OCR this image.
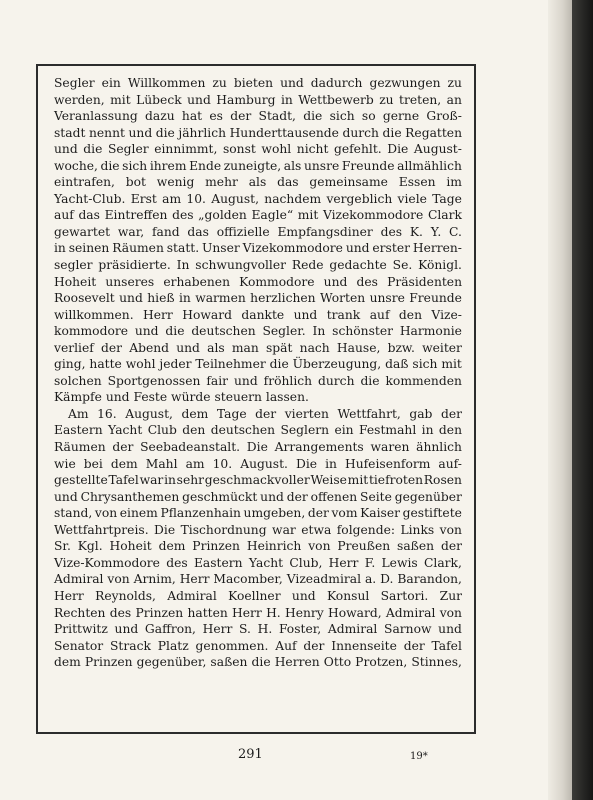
Segler ein Willkommen zu bieten und dadurch gezwungen zu
werden, mit Lübeck und Hamburg in Wettbewerb zu treten, an
Veranlassung dazu hat es der Stadt, die sich so gerne Groß-
stadt nennt und die jährlich Hunderttausende durch die Regatten
und die Segler einnimmt, sonst wohl nicht gefehlt. Die August-
woche, die sich ihrem Ende zuneigte, als unsre Freunde allmählich
eintrafen, bot wenig mehr als das gemeinsame Essen im
Yacht-Club. Erst am 10. August, nachdem vergeblich viele Tage
auf das Eintreffen des „golden Eagle“ mit Vizekommodore Clark
gewartet war, fand das offizielle Empfangsdiner des K. Y. C.
in seinen Räumen statt. Unser Vizekommodore und erster Herren-
segler präsidierte. In schwungvoller Rede gedachte Se. Königl.
Hoheit unseres erhabenen Kommodore und des Präsidenten
Roosevelt und hieß in warmen herzlichen Worten unsre Freunde
willkommen. Herr Howard dankte und trank auf den Vize-
kommodore und die deutschen Segler. In schönster Harmonie
verlief der Abend und als man spät nach Hause, bzw. weiter
ging, hatte wohl jeder Teilnehmer die Überzeugung, daß sich mit
solchen Sportgenossen fair und fröhlich durch die kommenden
Kämpfe
und
Feste
würde
steuern
lassen.
Am 16. August, dem Tage der vierten Wettfahrt, gab der
Eastern Yacht Club den deutschen Seglern ein Festmahl in den
Räumen der Seebadeanstalt. Die Arrangements waren ähnlich
wie bei dem Mahl am 10. August. Die in Hufeisenform auf-
gestellte Tafel war in sehr geschmackvoller Weise mit tiefroten Rosen
und Chrysanthemen geschmückt und der offenen Seite gegenüber
stand, von einem Pflanzenhain umgeben, der vom Kaiser gestiftete
Wettfahrtpreis. Die Tischordnung war etwa folgende: Links von
Sr. Kgl. Hoheit dem Prinzen Heinrich von Preußen saßen der
Vize-Kommodore des Eastern Yacht Club, Herr F. Lewis Clark,
Admiral von Arnim, Herr Macomber, Vizeadmiral a. D. Barandon,
Herr Reynolds, Admiral Koellner und Konsul Sartori. Zur
Rechten des Prinzen hatten Herr H. Henry Howard, Admiral von
Prittwitz und Gaffron, Herr S. H. Foster, Admiral Sarnow und
Senator Strack Platz genommen. Auf der Innenseite der Tafel
dem Prinzen gegenüber, saßen die Herren Otto Protzen, Stinnes,
291	19*
